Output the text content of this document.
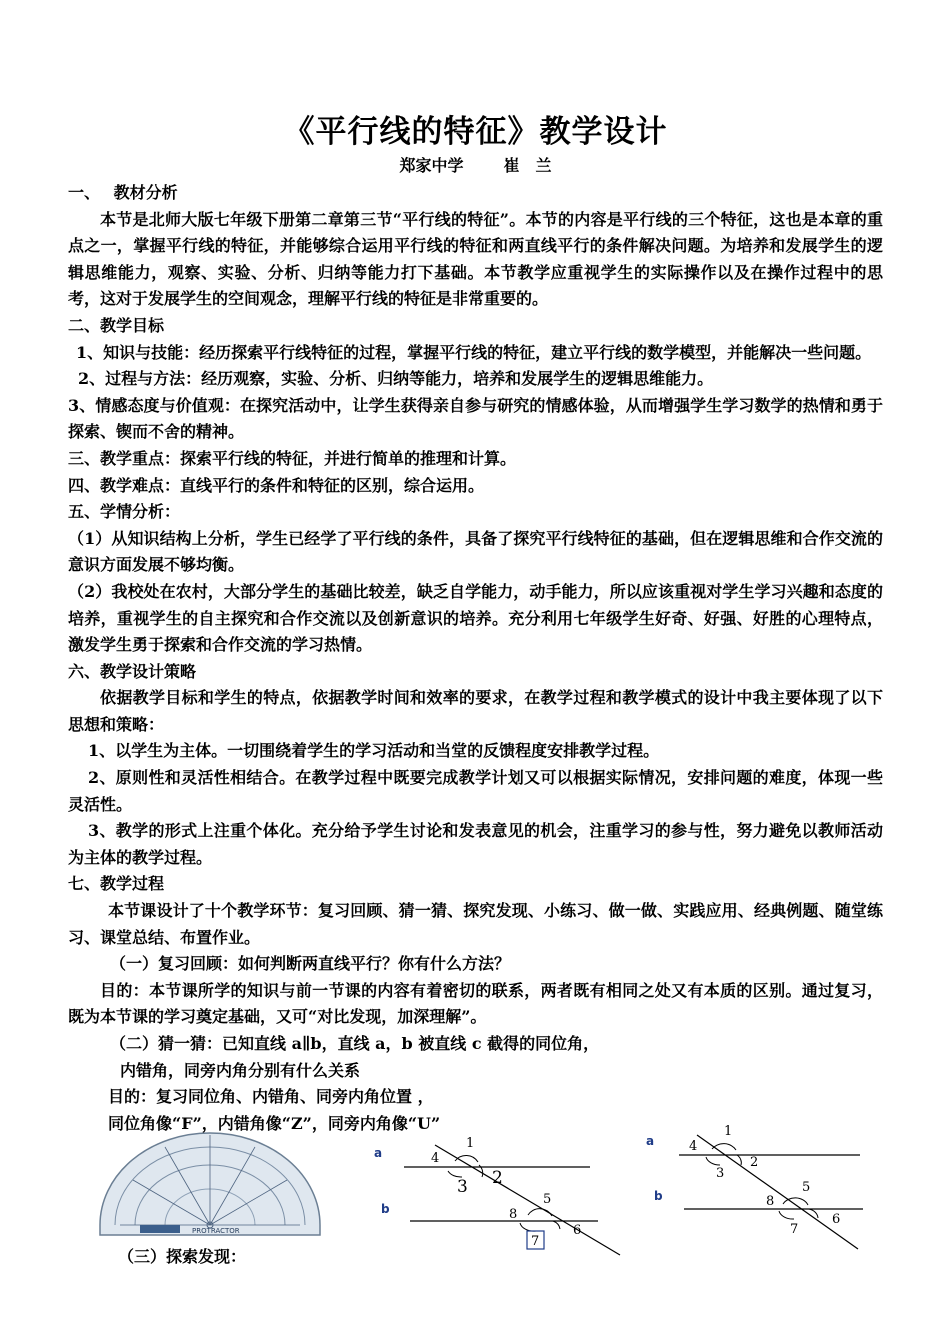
《平行线的特征》教学设计
郑家中学	崔　兰

一、　 教材分析

本节是北师大版七年级下册第二章第三节“平行线的特征”。本节的内容是平行线的三个特征，这也是本章的重点之一，掌握平行线的特征，并能够综合运用平行线的特征和两直线平行的条件解决问题。为培养和发展学生的逻辑思维能力，观察、实验、分析、归纳等能力打下基础。本节教学应重视学生的实际操作以及在操作过程中的思考，这对于发展学生的空间观念，理解平行线的特征是非常重要的。

二、教学目标

1、知识与技能：经历探索平行线特征的过程，掌握平行线的特征，建立平行线的数学模型，并能解决一些问题。

2、过程与方法：经历观察，实验、分析、归纳等能力，培养和发展学生的逻辑思维能力。

3、情感态度与价值观：在探究活动中，让学生获得亲自参与研究的情感体验，从而增强学生学习数学的热情和勇于探索、锲而不舍的精神。

三、教学重点：探索平行线的特征，并进行简单的推理和计算。

四、教学难点：直线平行的条件和特征的区别，综合运用。

五、学情分析：

（1）从知识结构上分析，学生已经学了平行线的条件，具备了探究平行线特征的基础，但在逻辑思维和合作交流的意识方面发展不够均衡。

（2）我校处在农村，大部分学生的基础比较差，缺乏自学能力，动手能力，所以应该重视对学生学习兴趣和态度的培养，重视学生的自主探究和合作交流以及创新意识的培养。充分利用七年级学生好奇、好强、好胜的心理特点，激发学生勇于探索和合作交流的学习热情。

六、教学设计策略

依据教学目标和学生的特点，依据教学时间和效率的要求，在教学过程和教学模式的设计中我主要体现了以下思想和策略：

1、以学生为主体。一切围绕着学生的学习活动和当堂的反馈程度安排教学过程。

2、原则性和灵活性相结合。在教学过程中既要完成教学计划又可以根据实际情况，安排问题的难度，体现一些灵活性。

3、教学的形式上注重个体化。充分给予学生讨论和发表意见的机会，注重学习的参与性，努力避免以教师活动为主体的教学过程。

七、教学过程

本节课设计了十个教学环节：复习回顾、猜一猜、探究发现、小练习、做一做、实践应用、经典例题、随堂练习、课堂总结、布置作业。

（一）复习回顾：如何判断两直线平行？你有什么方法？

目的：本节课所学的知识与前一节课的内容有着密切的联系，两者既有相同之处又有本质的区别。通过复习，既为本节课的学习奠定基础，又可“对比发现，加深理解”。

（二）猜一猜：已知直线 a∥b，直线 a，b 被直线 c 截得的同位角，

内错角，同旁内角分别有什么关系

目的：复习同位角、内错角、同旁内角位置 ，

同位角像“F”，内错角像“Z”，同旁内角像“U”

（三）探索发现：

PROTRACTOR
a
b
1
2
3
4
5
6
7
8
a
b
1
2
3
4
5
6
7
8
